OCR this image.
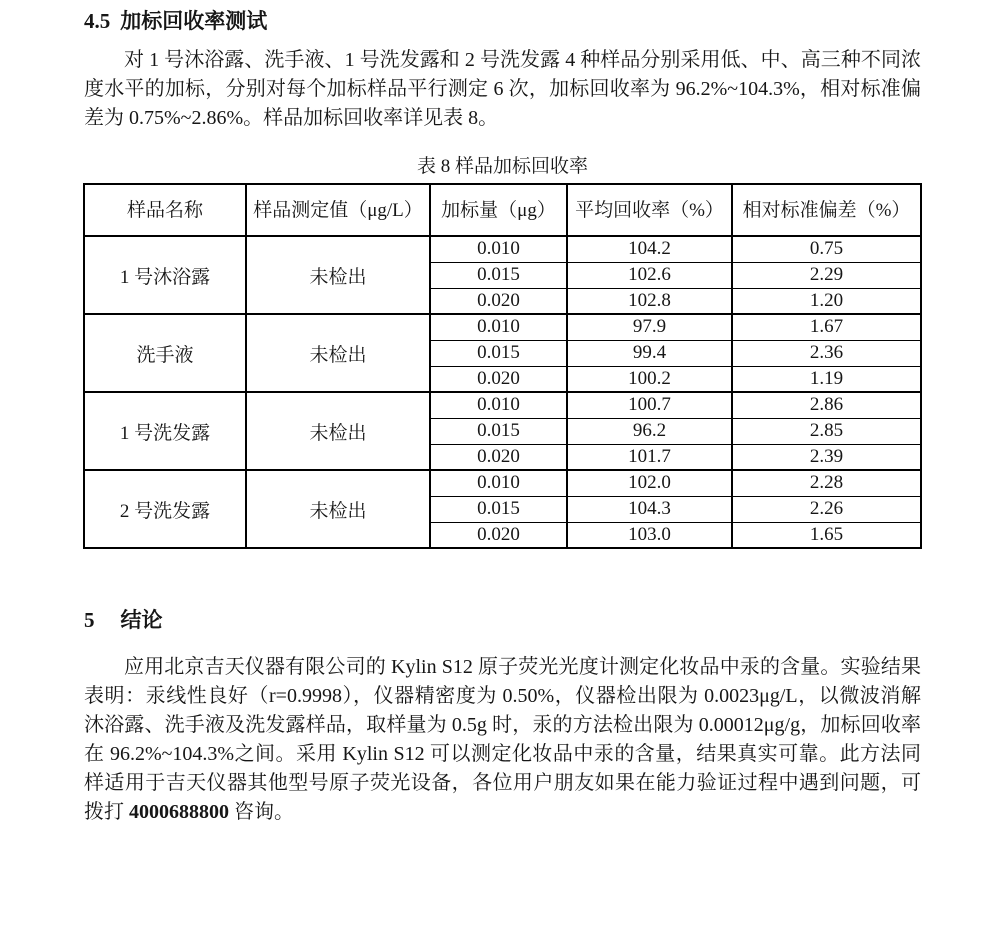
4.5 加标回收率测试

对 1 号沐浴露、洗手液、1 号洗发露和 2 号洗发露 4 种样品分别采用低、中、高三种不同浓度水平的加标，分别对每个加标样品平行测定 6 次，加标回收率为 96.2%~104.3%，相对标准偏差为 0.75%~2.86%。样品加标回收率详见表 8。

表 8 样品加标回收率
样品名称	样品测定值（μg/L）	加标量（μg）	平均回收率（%）	相对标准偏差（%）
1 号沐浴露	未检出	0.010	104.2	0.75
		0.015	102.6	2.29
		0.020	102.8	1.20
洗手液	未检出	0.010	97.9	1.67
		0.015	99.4	2.36
		0.020	100.2	1.19
1 号洗发露	未检出	0.010	100.7	2.86
		0.015	96.2	2.85
		0.020	101.7	2.39
2 号洗发露	未检出	0.010	102.0	2.28
		0.015	104.3	2.26
		0.020	103.0	1.65
5 结论

应用北京吉天仪器有限公司的 Kylin S12 原子荧光光度计测定化妆品中汞的含量。实验结果表明：汞线性良好（r=0.9998），仪器精密度为 0.50%，仪器检出限为 0.0023μg/L，以微波消解沐浴露、洗手液及洗发露样品，取样量为 0.5g 时，汞的方法检出限为 0.00012μg/g，加标回收率在 96.2%~104.3%之间。采用 Kylin S12 可以测定化妆品中汞的含量，结果真实可靠。此方法同样适用于吉天仪器其他型号原子荧光设备，各位用户朋友如果在能力验证过程中遇到问题，可拨打 4000688800 咨询。
